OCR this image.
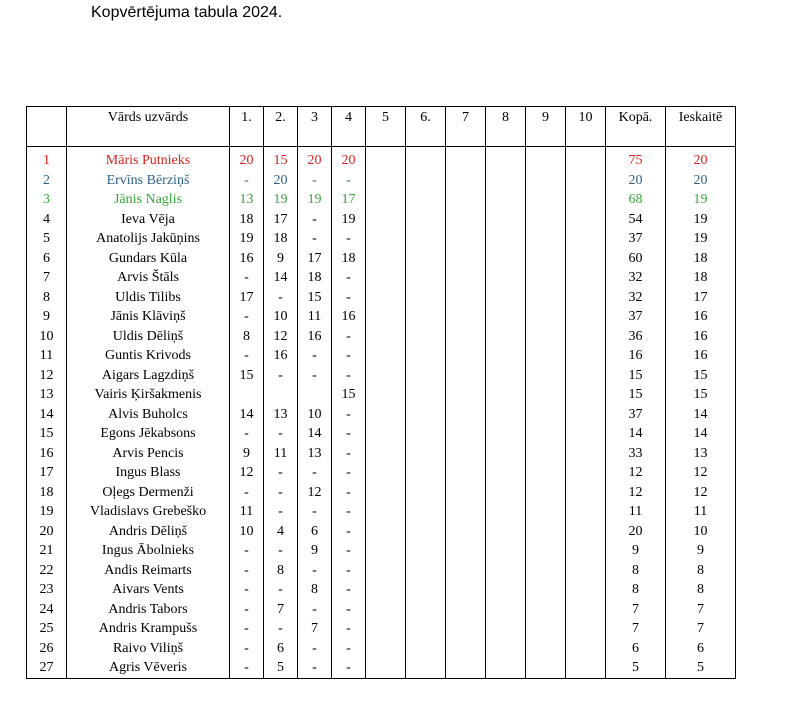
Kopvērtējuma tabula 2024.
	Vārds uzvārds	1.	2.	3	4	5	6.	7	8	9	10	Kopā.	Ieskaitē

1	Māris Putnieks	20	15	20	20							75	20
2	Ervīns Bērziņš	-	20	-	-							20	20
3	Jānis Naglis	13	19	19	17							68	19
4	Ieva Vēja	18	17	-	19							54	19
5	Anatolijs Jakūņins	19	18	-	-							37	19
6	Gundars Kūla	16	9	17	18							60	18
7	Arvis Štāls	-	14	18	-							32	18
8	Uldis Tilibs	17	-	15	-							32	17
9	Jānis Klāviņš	-	10	11	16							37	16
10	Uldis Dēliņš	8	12	16	-							36	16
11	Guntis Krivods	-	16	-	-							16	16
12	Aigars Lagzdiņš	15	-	-	-							15	15
13	Vairis Ķiršakmenis				15							15	15
14	Alvis Buholcs	14	13	10	-							37	14
15	Egons Jēkabsons	-	-	14	-							14	14
16	Arvis Pencis	9	11	13	-							33	13
17	Ingus Blass	12	-	-	-							12	12
18	Oļegs Dermenži	-	-	12	-							12	12
19	Vladislavs Grebeško	11	-	-	-							11	11
20	Andris Dēliņš	10	4	6	-							20	10
21	Ingus Ābolnieks	-	-	9	-							9	9
22	Andis Reimarts	-	8	-	-							8	8
23	Aivars Vents	-	-	8	-							8	8
24	Andris Tabors	-	7	-	-							7	7
25	Andris Krampušs	-	-	7	-							7	7
26	Raivo Viliņš	-	6	-	-							6	6
27	Agris Vēveris	-	5	-	-							5	5
